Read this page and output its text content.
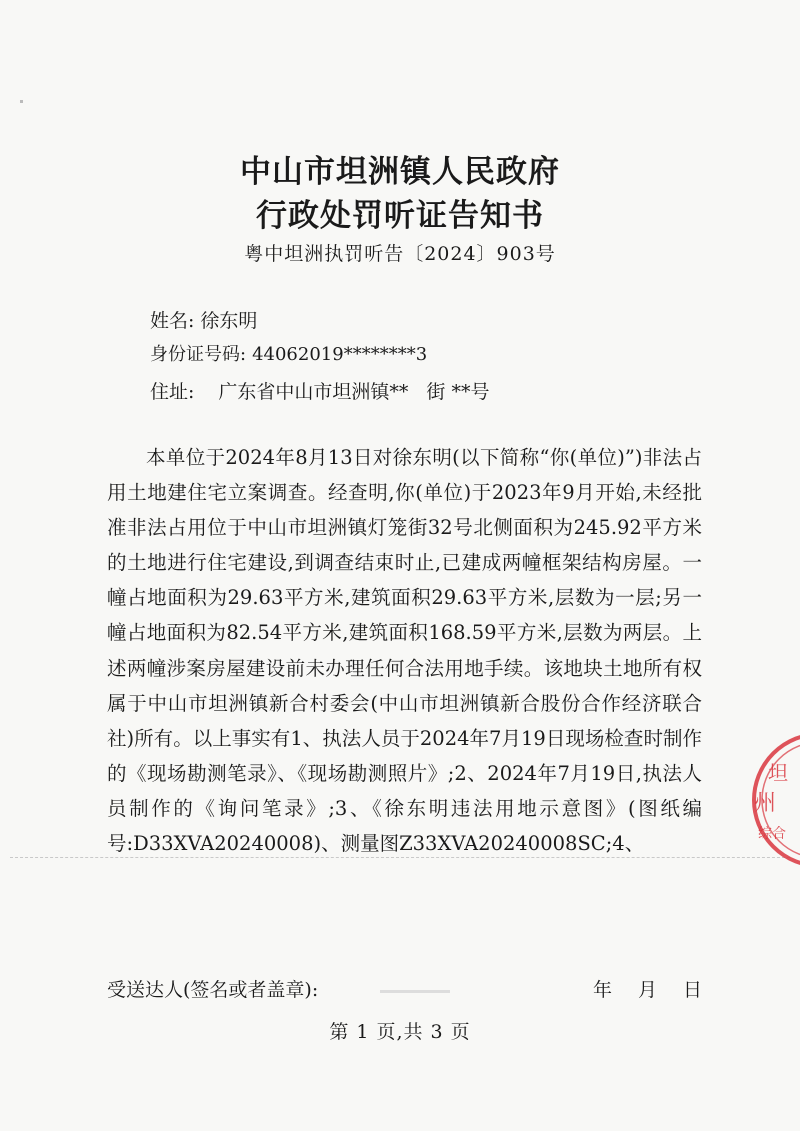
中山市坦洲镇人民政府
行政处罚听证告知书
粤中坦洲执罚听告〔2024〕903号
姓名: 徐东明
身份证号码: 44062019********3
住址: 广东省中山市坦洲镇** 街 **号
本单位于2024年8月13日对徐东明(以下简称“你(单位)”)非法占用土地建住宅立案调查。经查明,你(单位)于2023年9月开始,未经批准非法占用位于中山市坦洲镇灯笼街32号北侧面积为245.92平方米的土地进行住宅建设,到调查结束时止,已建成两幢框架结构房屋。一幢占地面积为29.63平方米,建筑面积29.63平方米,层数为一层;另一幢占地面积为82.54平方米,建筑面积168.59平方米,层数为两层。上述两幢涉案房屋建设前未办理任何合法用地手续。该地块土地所有权属于中山市坦洲镇新合村委会(中山市坦洲镇新合股份合作经济联合社)所有。以上事实有1、执法人员于2024年7月19日现场检查时制作的《现场勘测笔录》、《现场勘测照片》;2、2024年7月19日,执法人员制作的《询问笔录》;3、《徐东明违法用地示意图》(图纸编号:D33XVA20240008)、测量图Z33XVA20240008SC;4、
坦
州
综合
受送达人(签名或者盖章):	年月日
第 1 页,共 3 页
